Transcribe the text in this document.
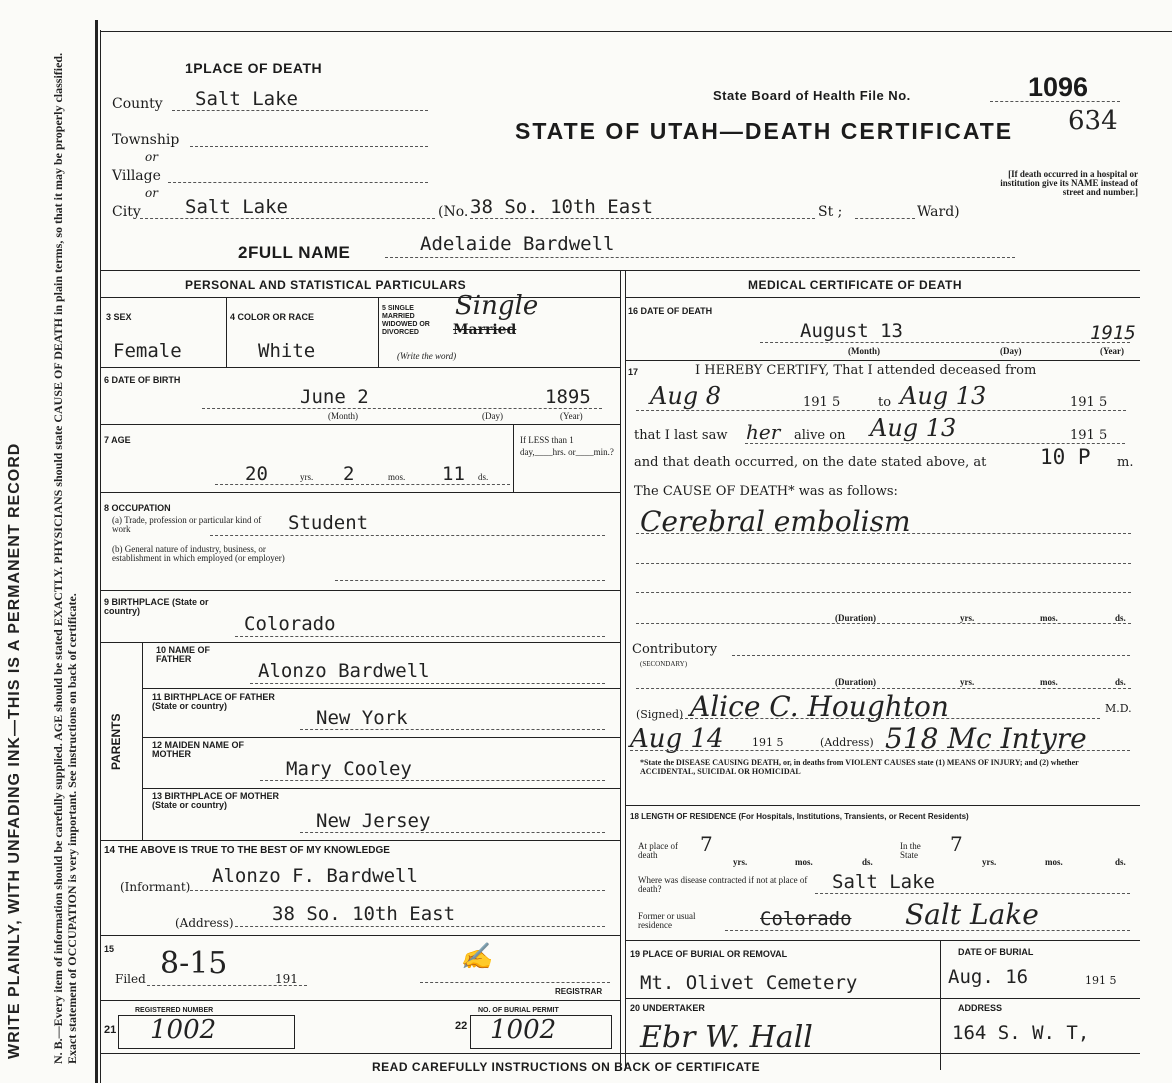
WRITE PLAINLY, WITH UNFADING INK—THIS IS A PERMANENT RECORD N. B.—Every item of information should be carefully supplied. AGE should be stated EXACTLY. PHYSICIANS should state CAUSE OF DEATH in plain terms, so that it may be properly classified. Exact statement of OCCUPATION is very important. See instructions on back of certificate.
1PLACE OF DEATH
County Salt Lake
Township
or
Village
or
City Salt Lake	(No. 38 So. 10th East	St ;	Ward)
State Board of Health File No.	1096
634
STATE OF UTAH—DEATH CERTIFICATE
[If death occurred in a hospital or institution give its NAME instead of street and number.]
2FULL NAME	Adelaide Bardwell
PERSONAL AND STATISTICAL PARTICULARS
3 SEX
Female
4 COLOR OR RACE
White
5 SINGLE MARRIED WIDOWED OR DIVORCED
(Write the word)
Single
Married
6 DATE OF BIRTH
June 2	1895
(Month)	(Day)	(Year)
7 AGE
20	yrs. 2	mos. 11 ds.
If LESS than 1 day,____hrs. or____min.?
8 OCCUPATION
(a) Trade, profession or particular kind of work	Student
(b) General nature of industry, business, or establishment in which employed (or employer)
9 BIRTHPLACE (State or country)
Colorado
PARENTS
10 NAME OF FATHER
Alonzo Bardwell
11 BIRTHPLACE OF FATHER (State or country)
New York
12 MAIDEN NAME OF MOTHER
Mary Cooley
13 BIRTHPLACE OF MOTHER (State or country)
New Jersey
14 THE ABOVE IS TRUE TO THE BEST OF MY KNOWLEDGE
(Informant) Alonzo F. Bardwell
(Address) 38 So. 10th East
15
Filed 8-15	191
✍
REGISTRAR
REGISTERED NUMBER
21 1002
NO. OF BURIAL PERMIT
22 1002
MEDICAL CERTIFICATE OF DEATH
16 DATE OF DEATH
August 13	1915
(Month)	(Day)	(Year)
17	I HEREBY CERTIFY, That I attended deceased from
Aug 8	191 5	to Aug 13	191 5
that I last saw her alive on Aug 13	191 5
and that death occurred, on the date stated above, at	10 P m.
The CAUSE OF DEATH* was as follows:
Cerebral embolism
(Duration)	yrs.	mos.	ds.
Contributory
(SECONDARY)
(Duration)	yrs.	mos.	ds.
(Signed) Alice C. Houghton	M.D.
Aug 14	191 5	(Address) 518 Mc Intyre
*State the DISEASE CAUSING DEATH, or, in deaths from VIOLENT CAUSES state (1) MEANS OF INJURY; and (2) whether ACCIDENTAL, SUICIDAL OR HOMICIDAL
18 LENGTH OF RESIDENCE (For Hospitals, Institutions, Transients, or Recent Residents)
At place of death	7
yrs.	mos.	ds.
In the State	7
yrs.	mos.	ds.
Where was disease contracted if not at place of death?	Salt Lake
Former or usual residence	Colorado Salt Lake
19 PLACE OF BURIAL OR REMOVAL
Mt. Olivet Cemetery
DATE OF BURIAL
Aug. 16	191 5
20 UNDERTAKER
Ebr W. Hall
ADDRESS
164 S. W. T,
READ CAREFULLY INSTRUCTIONS ON BACK OF CERTIFICATE
